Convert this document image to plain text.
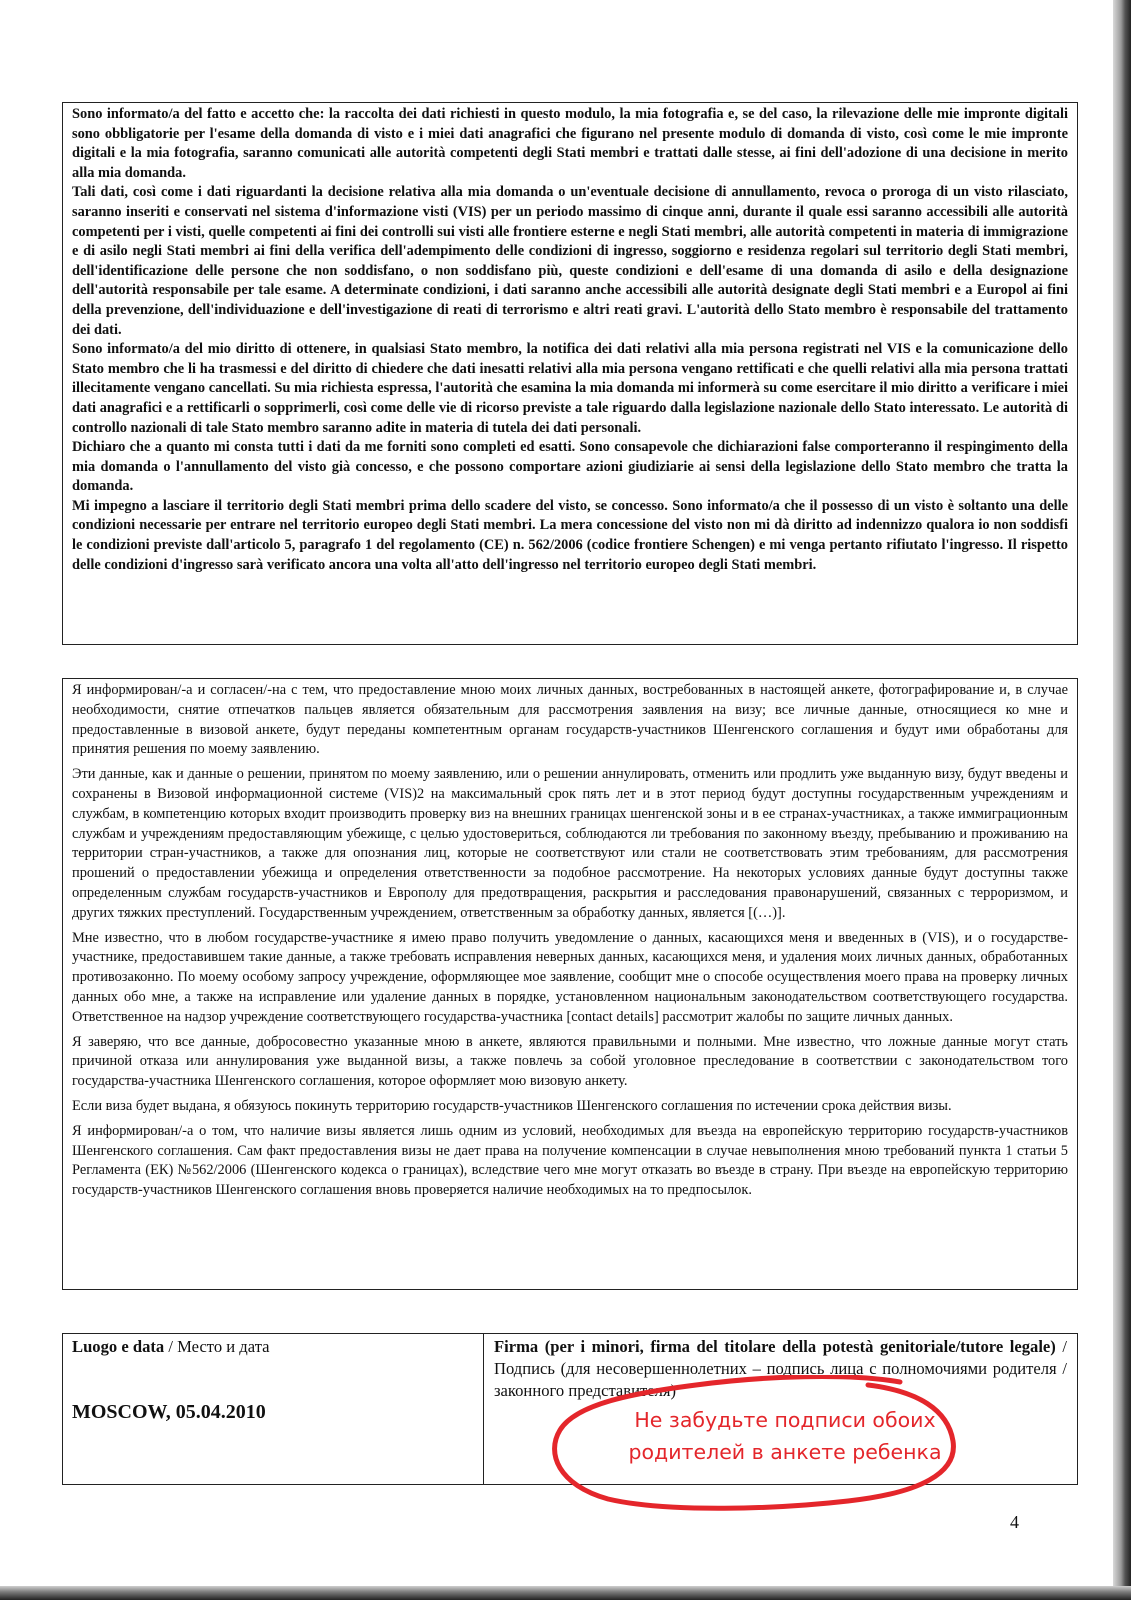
Sono informato/a del fatto e accetto che: la raccolta dei dati richiesti in questo modulo, la mia fotografia e, se del caso, la rilevazione delle mie impronte digitali sono obbligatorie per l'esame della domanda di visto e i miei dati anagrafici che figurano nel presente modulo di domanda di visto, così come le mie impronte digitali e la mia fotografia, saranno comunicati alle autorità competenti degli Stati membri e trattati dalle stesse, ai fini dell'adozione di una decisione in merito alla mia domanda.

Tali dati, così come i dati riguardanti la decisione relativa alla mia domanda o un'eventuale decisione di annullamento, revoca o proroga di un visto rilasciato, saranno inseriti e conservati nel sistema d'informazione visti (VIS) per un periodo massimo di cinque anni, durante il quale essi saranno accessibili alle autorità competenti per i visti, quelle competenti ai fini dei controlli sui visti alle frontiere esterne e negli Stati membri, alle autorità competenti in materia di immigrazione e di asilo negli Stati membri ai fini della verifica dell'adempimento delle condizioni di ingresso, soggiorno e residenza regolari sul territorio degli Stati membri, dell'identificazione delle persone che non soddisfano, o non soddisfano più, queste condizioni e dell'esame di una domanda di asilo e della designazione dell'autorità responsabile per tale esame. A determinate condizioni, i dati saranno anche accessibili alle autorità designate degli Stati membri e a Europol ai fini della prevenzione, dell'individuazione e dell'investigazione di reati di terrorismo e altri reati gravi. L'autorità dello Stato membro è responsabile del trattamento dei dati.

Sono informato/a del mio diritto di ottenere, in qualsiasi Stato membro, la notifica dei dati relativi alla mia persona registrati nel VIS e la comunicazione dello Stato membro che li ha trasmessi e del diritto di chiedere che dati inesatti relativi alla mia persona vengano rettificati e che quelli relativi alla mia persona trattati illecitamente vengano cancellati. Su mia richiesta espressa, l'autorità che esamina la mia domanda mi informerà su come esercitare il mio diritto a verificare i miei dati anagrafici e a rettificarli o sopprimerli, così come delle vie di ricorso previste a tale riguardo dalla legislazione nazionale dello Stato interessato. Le autorità di controllo nazionali di tale Stato membro saranno adite in materia di tutela dei dati personali.

Dichiaro che a quanto mi consta tutti i dati da me forniti sono completi ed esatti. Sono consapevole che dichiarazioni false comporteranno il respingimento della mia domanda o l'annullamento del visto già concesso, e che possono comportare azioni giudiziarie ai sensi della legislazione dello Stato membro che tratta la domanda.

Mi impegno a lasciare il territorio degli Stati membri prima dello scadere del visto, se concesso. Sono informato/a che il possesso di un visto è soltanto una delle condizioni necessarie per entrare nel territorio europeo degli Stati membri. La mera concessione del visto non mi dà diritto ad indennizzo qualora io non soddisfi le condizioni previste dall'articolo 5, paragrafo 1 del regolamento (CE) n. 562/2006 (codice frontiere Schengen) e mi venga pertanto rifiutato l'ingresso. Il rispetto delle condizioni d'ingresso sarà verificato ancora una volta all'atto dell'ingresso nel territorio europeo degli Stati membri.

Я информирован/-а и согласен/-на с тем, что предоставление мною моих личных данных, востребованных в настоящей анкете, фотографирование и, в случае необходимости, снятие отпечатков пальцев является обязательным для рассмотрения заявления на визу; все личные данные, относящиеся ко мне и предоставленные в визовой анкете, будут переданы компетентным органам государств-участников Шенгенского соглашения и будут ими обработаны для принятия решения по моему заявлению.

Эти данные, как и данные о решении, принятом по моему заявлению, или о решении аннулировать, отменить или продлить уже выданную визу, будут введены и сохранены в Визовой информационной системе (VIS)2 на максимальный срок пять лет и в этот период будут доступны государственным учреждениям и службам, в компетенцию которых входит производить проверку виз на внешних границах шенгенской зоны и в ее странах-участниках, а также иммиграционным службам и учреждениям предоставляющим убежище, с целью удостовериться, соблюдаются ли требования по законному въезду, пребыванию и проживанию на территории стран-участников, а также для опознания лиц, которые не соответствуют или стали не соответствовать этим требованиям, для рассмотрения прошений о предоставлении убежища и определения ответственности за подобное рассмотрение. На некоторых условиях данные будут доступны также определенным службам государств-участников и Европолу для предотвращения, раскрытия и расследования правонарушений, связанных с терроризмом, и других тяжких преступлений. Государственным учреждением, ответственным за обработку данных, является [(…)].

Мне известно, что в любом государстве-участнике я имею право получить уведомление о данных, касающихся меня и введенных в (VIS), и о государстве-участнике, предоставившем такие данные, а также требовать исправления неверных данных, касающихся меня, и удаления моих личных данных, обработанных противозаконно. По моему особому запросу учреждение, оформляющее мое заявление, сообщит мне о способе осуществления моего права на проверку личных данных обо мне, а также на исправление или удаление данных в порядке, установленном национальным законодательством соответствующего государства. Ответственное на надзор учреждение соответствующего государства-участника [contact details] рассмотрит жалобы по защите личных данных.

Я заверяю, что все данные, добросовестно указанные мною в анкете, являются правильными и полными. Мне известно, что ложные данные могут стать причиной отказа или аннулирования уже выданной визы, а также повлечь за собой уголовное преследование в соответствии с законодательством того государства-участника Шенгенского соглашения, которое оформляет мою визовую анкету.

Если виза будет выдана, я обязуюсь покинуть территорию государств-участников Шенгенского соглашения по истечении срока действия визы.

Я информирован/-а о том, что наличие визы является лишь одним из условий, необходимых для въезда на европейскую территорию государств-участников Шенгенского соглашения. Сам факт предоставления визы не дает права на получение компенсации в случае невыполнения мною требований пункта 1 статьи 5 Регламента (ЕК) №562/2006 (Шенгенского кодекса о границах), вследствие чего мне могут отказать во въезде в страну. При въезде на европейскую территорию государств-участников Шенгенского соглашения вновь проверяется наличие необходимых на то предпосылок.

Luogo e data / Место и дата
MOSCOW, 05.04.2010
Firma (per i minori, firma del titolare della potestà genitoriale/tutore legale) / Подпись (для несовершеннолетних – подпись лица с полномочиями родителя / законного представителя)
Не забудьте подписи обоих
родителей в анкете ребенка
4
